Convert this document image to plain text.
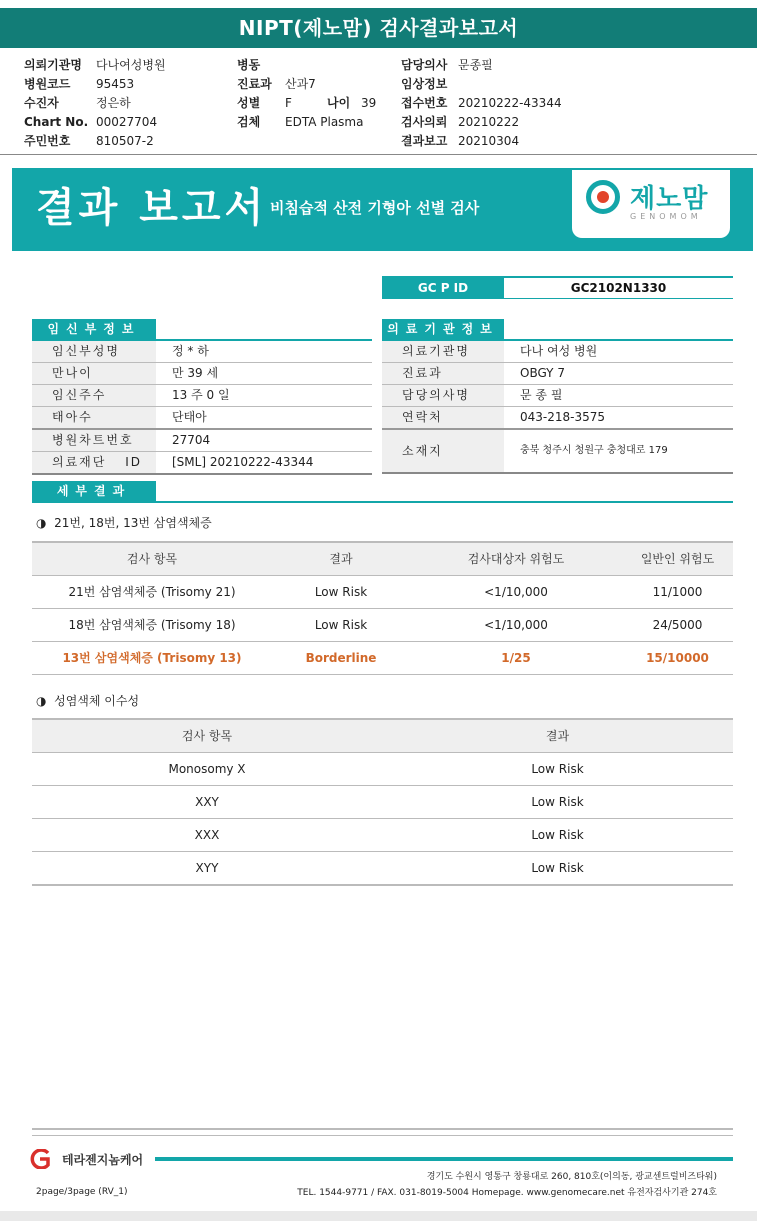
NIPT(제노맘) 검사결과보고서
의뢰기관명 다나여성병원
병원코드 95453
수진자	정은하
Chart No. 00027704
주민번호 810507-2
병동
진료과 산과7
성별 F	나이 39
검체 EDTA Plasma
담당의사 문종필
임상정보
접수번호 20210222-43344
검사의뢰 20210222
결과보고 20210304
결과 보고서 비침습적 산전 기형아 선별 검사	제노맘
GENOMOM
GC P ID	GC2102N1330
임신부정보
임신부성명	정 * 하
만나이	만 39 세
임신주수	13 주 0 일
태아수	단태아
병원차트번호	27704
의료재단 ID	[SML] 20210222-43344
의료기관정보
의료기관명	다나 여성 병원
진료과	OBGY 7
담당의사명	문 종 필
연락처	043-218-3575
소재지	충북 청주시 청원구 충청대로 179
세부결과
◑ 21번, 18번, 13번 삼염색체증
검사 항목	결과	검사대상자 위험도	일반인 위험도
21번 삼염색체증 (Trisomy 21)	Low Risk	<1/10,000	11/1000
18번 삼염색체증 (Trisomy 18)	Low Risk	<1/10,000	24/5000
13번 삼염색체증 (Trisomy 13)	Borderline	1/25	15/10000
◑ 성염색체 이수성
검사 항목	결과
Monosomy X	Low Risk
XXY	Low Risk
XXX	Low Risk
XYY	Low Risk
테라젠지놈케어
경기도 수원시 영통구 창룡대로 260, 810호(이의동, 광교센트럴비즈타워)
TEL. 1544-9771 / FAX. 031-8019-5004 Homepage. www.genomecare.net 유전자검사기관 274호
2page/3page (RV_1)
